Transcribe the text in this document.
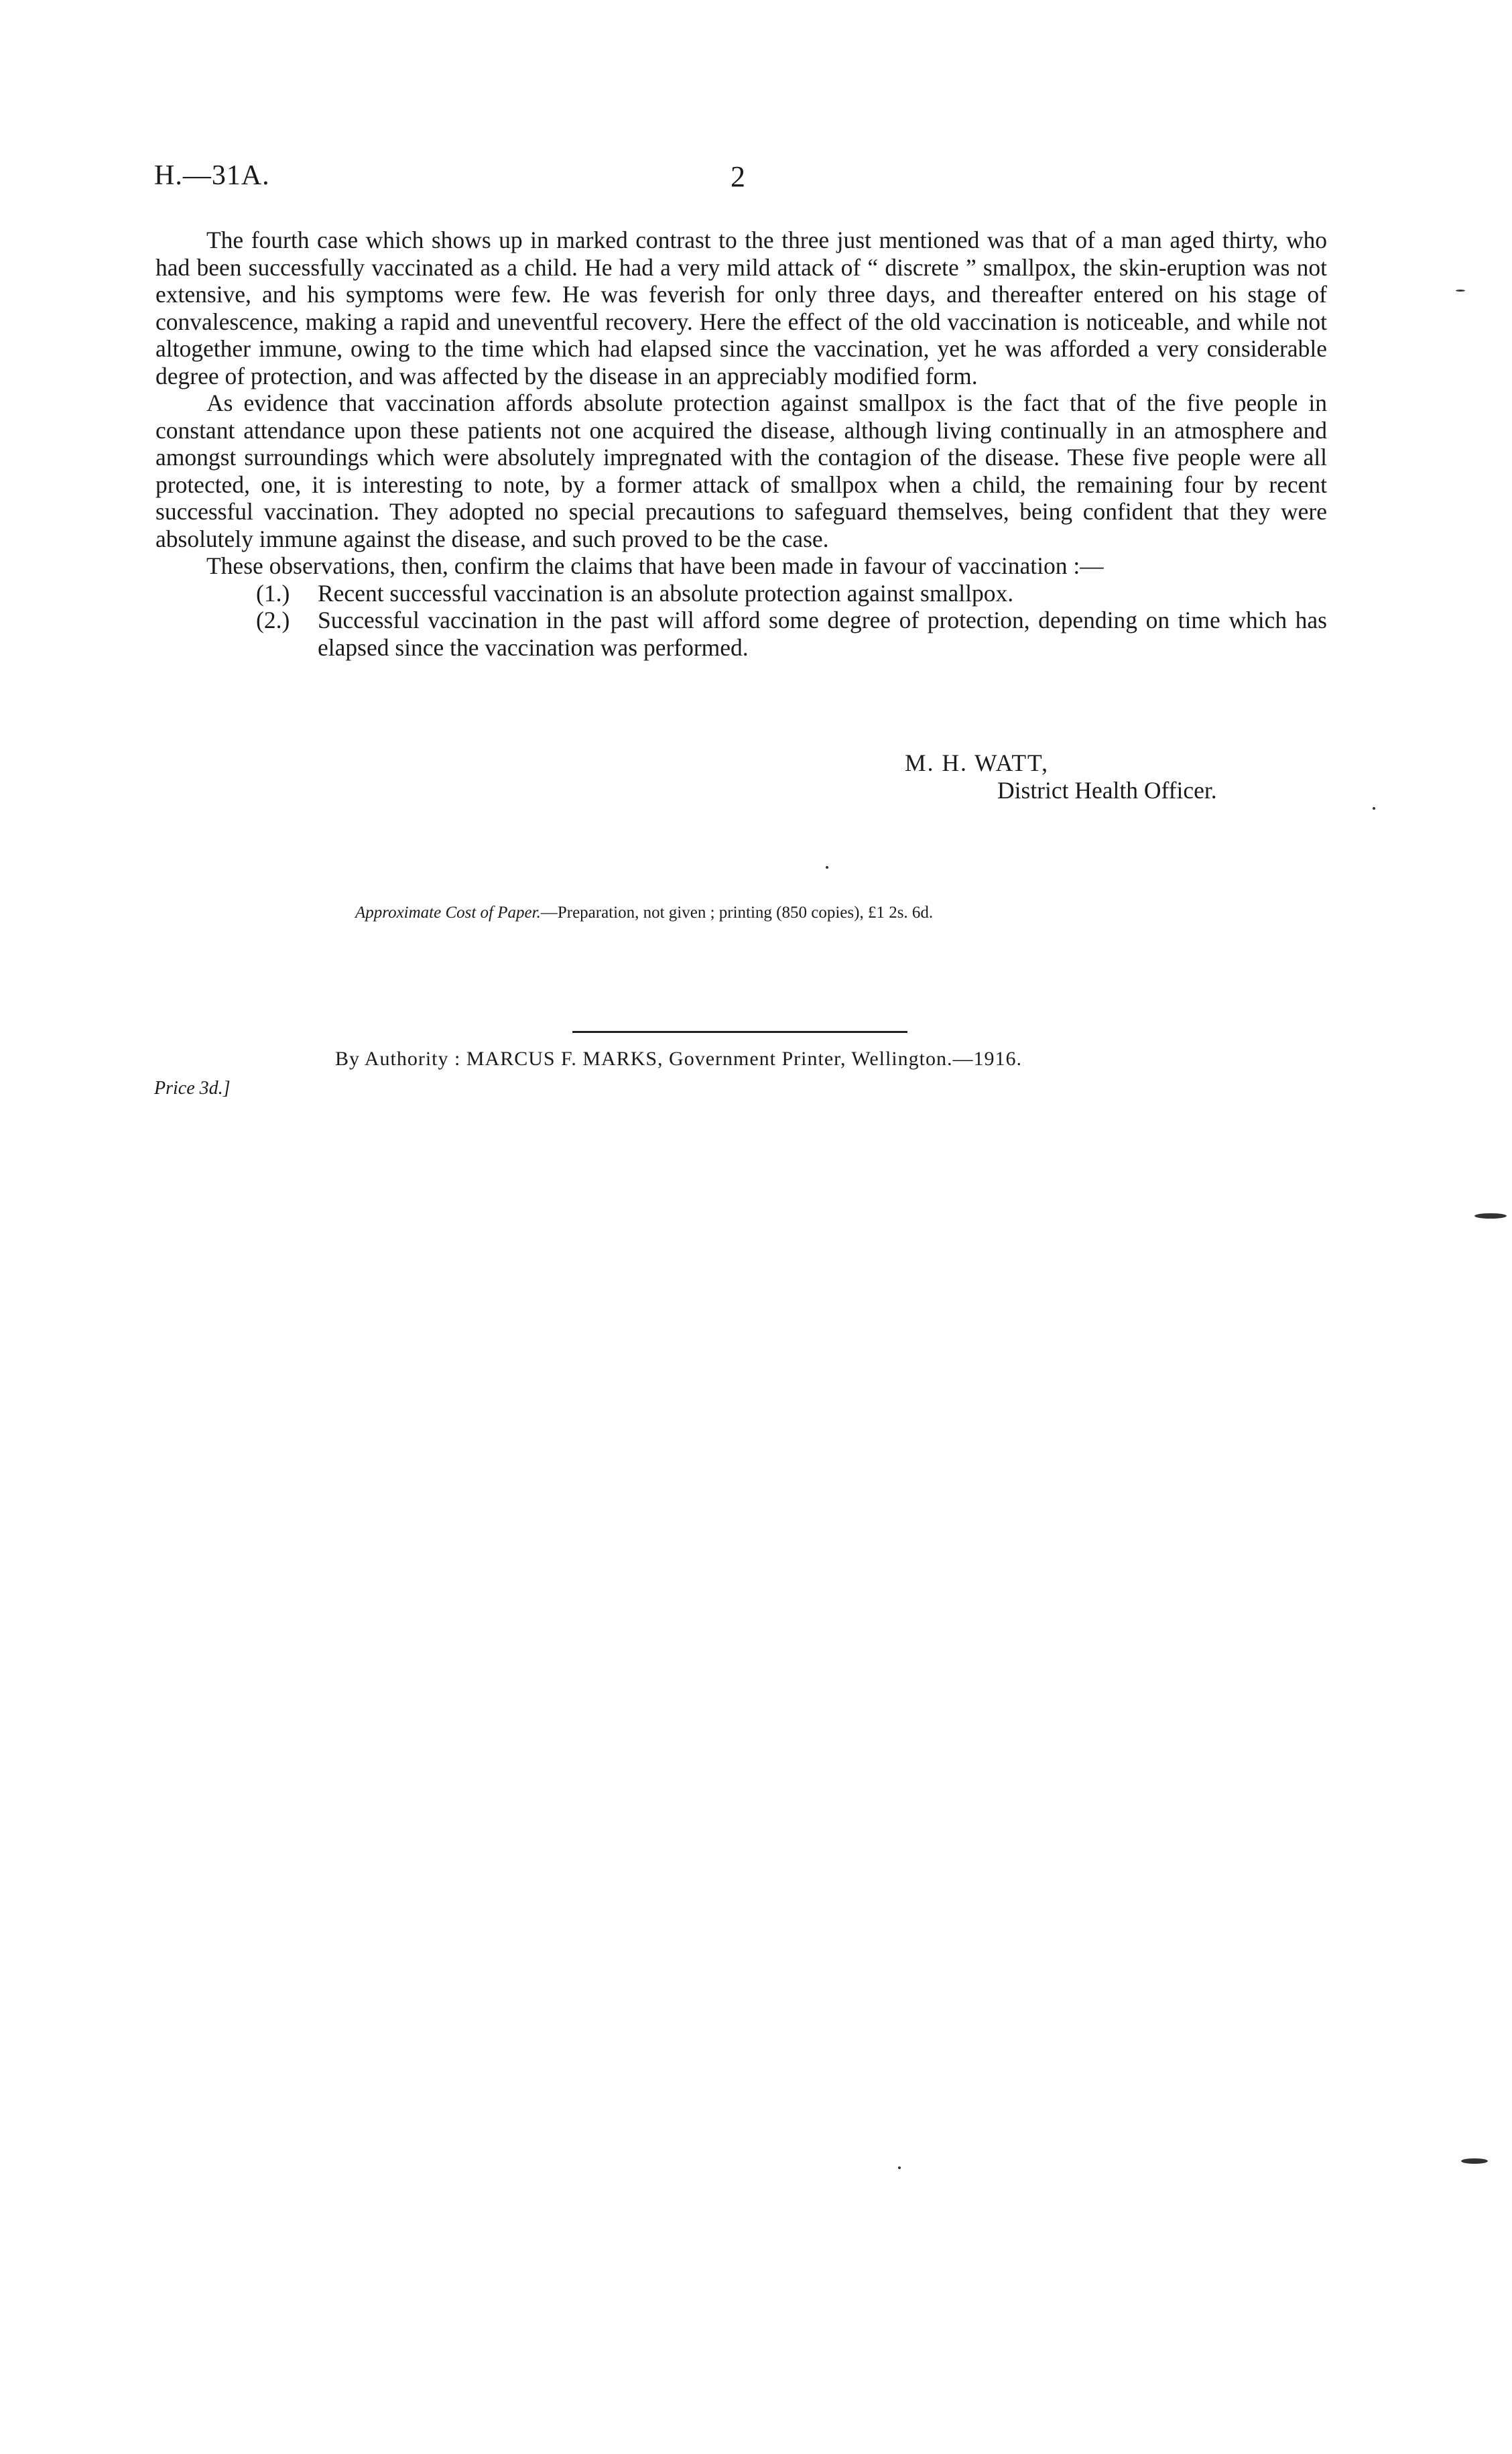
H.—31A.	2

The fourth case which shows up in marked contrast to the three just mentioned was that of a man aged thirty, who had been successfully vaccinated as a child. He had a very mild attack of “ discrete ” smallpox, the skin-eruption was not extensive, and his symptoms were few. He was feverish for only three days, and thereafter entered on his stage of convalescence, making a rapid and uneventful recovery. Here the effect of the old vaccination is noticeable, and while not altogether immune, owing to the time which had elapsed since the vaccination, yet he was afforded a very considerable degree of protection, and was affected by the disease in an appreciably modified form.

As evidence that vaccination affords absolute protection against smallpox is the fact that of the five people in constant attendance upon these patients not one acquired the disease, although living continually in an atmosphere and amongst surroundings which were absolutely impregnated with the contagion of the disease. These five people were all protected, one, it is interesting to note, by a former attack of smallpox when a child, the remaining four by recent successful vaccination. They adopted no special precautions to safeguard themselves, being confident that they were absolutely immune against the disease, and such proved to be the case.

These observations, then, confirm the claims that have been made in favour of vaccination :—

(1.)	Recent successful vaccination is an absolute protection against smallpox.
(2.)	Successful vaccination in the past will afford some degree of protection, depending on time which has elapsed since the vaccination was performed.
M. H. WATT,
District Health Officer.
Approximate Cost of Paper.—Preparation, not given ; printing (850 copies), £1 2s. 6d.
By Authority : MARCUS F. MARKS, Government Printer, Wellington.—1916.
Price 3d.]
